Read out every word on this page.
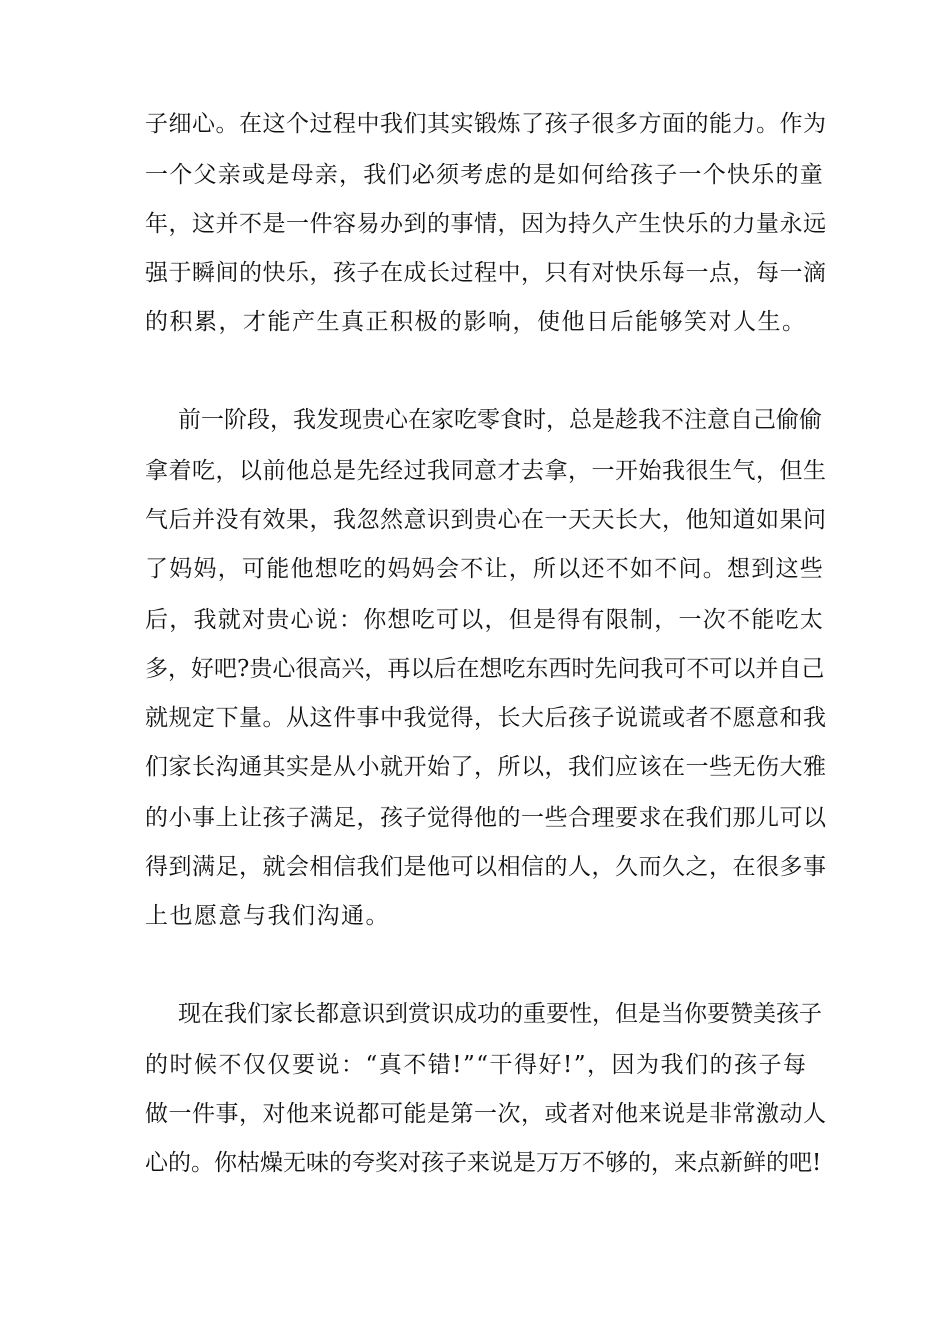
子细心。在这个过程中我们其实锻炼了孩子很多方面的能力。作为
一个父亲或是母亲，我们必须考虑的是如何给孩子一个快乐的童
年，这并不是一件容易办到的事情，因为持久产生快乐的力量永远
强于瞬间的快乐，孩子在成长过程中，只有对快乐每一点，每一滴
的积累，才能产生真正积极的影响，使他日后能够笑对人生。
前一阶段，我发现贵心在家吃零食时，总是趁我不注意自己偷偷
拿着吃，以前他总是先经过我同意才去拿，一开始我很生气，但生
气后并没有效果，我忽然意识到贵心在一天天长大，他知道如果问
了妈妈，可能他想吃的妈妈会不让，所以还不如不问。想到这些
后，我就对贵心说：你想吃可以，但是得有限制，一次不能吃太
多，好吧?贵心很高兴，再以后在想吃东西时先问我可不可以并自己
就规定下量。从这件事中我觉得，长大后孩子说谎或者不愿意和我
们家长沟通其实是从小就开始了，所以，我们应该在一些无伤大雅
的小事上让孩子满足，孩子觉得他的一些合理要求在我们那儿可以
得到满足，就会相信我们是他可以相信的人，久而久之，在很多事
上也愿意与我们沟通。
现在我们家长都意识到赏识成功的重要性，但是当你要赞美孩子
的时候不仅仅要说：“真不错!”“干得好!”，因为我们的孩子每
做一件事，对他来说都可能是第一次，或者对他来说是非常激动人
心的。你枯燥无味的夸奖对孩子来说是万万不够的，来点新鲜的吧!
